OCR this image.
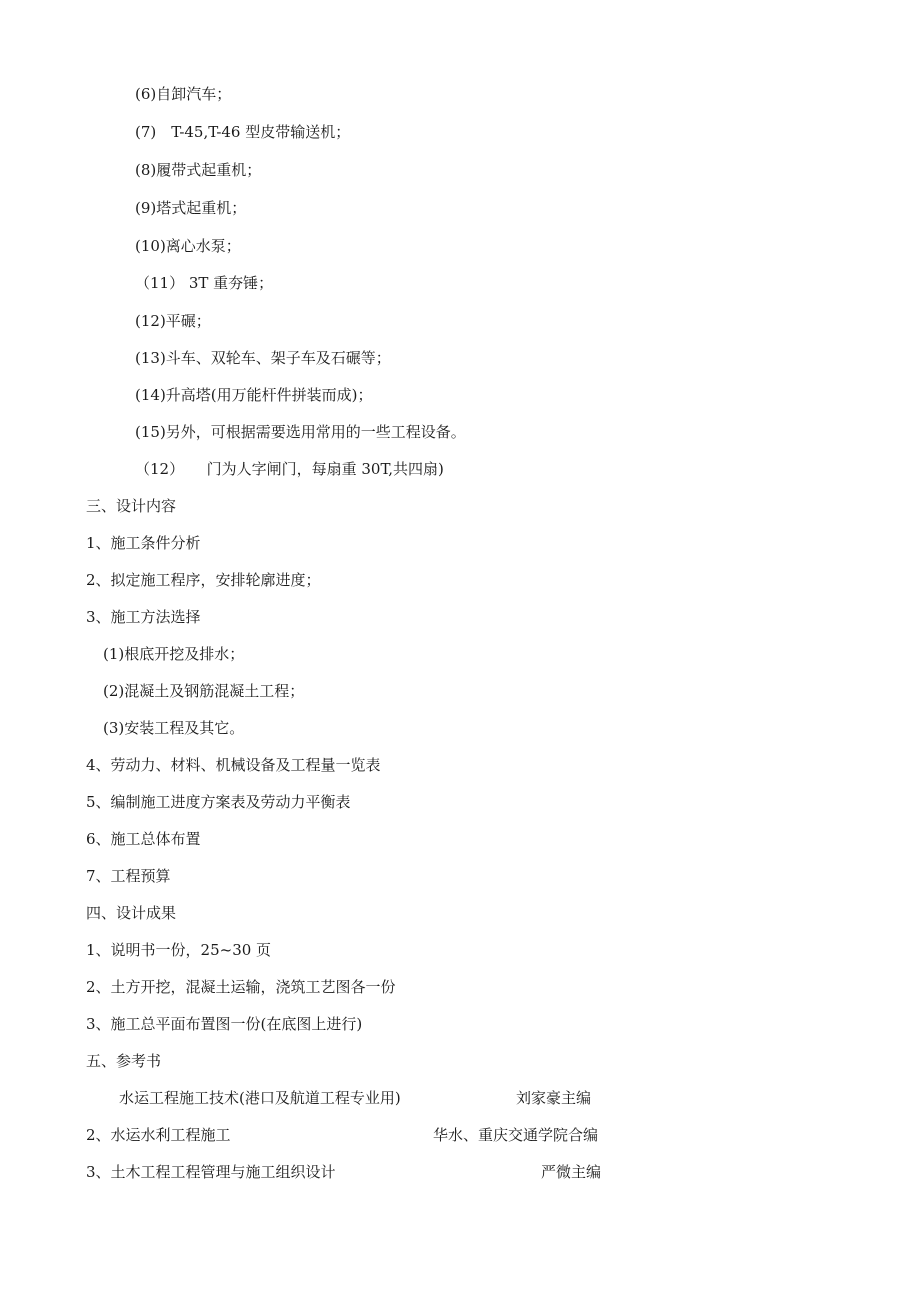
(6)自卸汽车；
(7)　T-45,T-46 型皮带输送机；
(8)履带式起重机；
(9)塔式起重机；
(10)离心水泵；
（11） 3T 重夯锤；
(12)平碾；
(13)斗车、双轮车、架子车及石碾等；
(14)升高塔(用万能杆件拼装而成)；
(15)另外，可根据需要选用常用的一些工程设备。
（12）　　门为人字闸门，每扇重 30T,共四扇)
三、设计内容
1、施工条件分析
2、拟定施工程序，安排轮廓进度；
3、施工方法选择
(1)根底开挖及排水；
(2)混凝土及钢筋混凝土工程；
(3)安装工程及其它。
4、劳动力、材料、机械设备及工程量一览表
5、编制施工进度方案表及劳动力平衡表
6、施工总体布置
7、工程预算
四、设计成果
1、说明书一份，25~30 页
2、土方开挖，混凝土运输，浇筑工艺图各一份
3、施工总平面布置图一份(在底图上进行)
五、参考书
水运工程施工技术(港口及航道工程专业用)	刘家豪主编
2、水运水利工程施工	华水、重庆交通学院合编
3、土木工程工程管理与施工组织设计	严微主编
